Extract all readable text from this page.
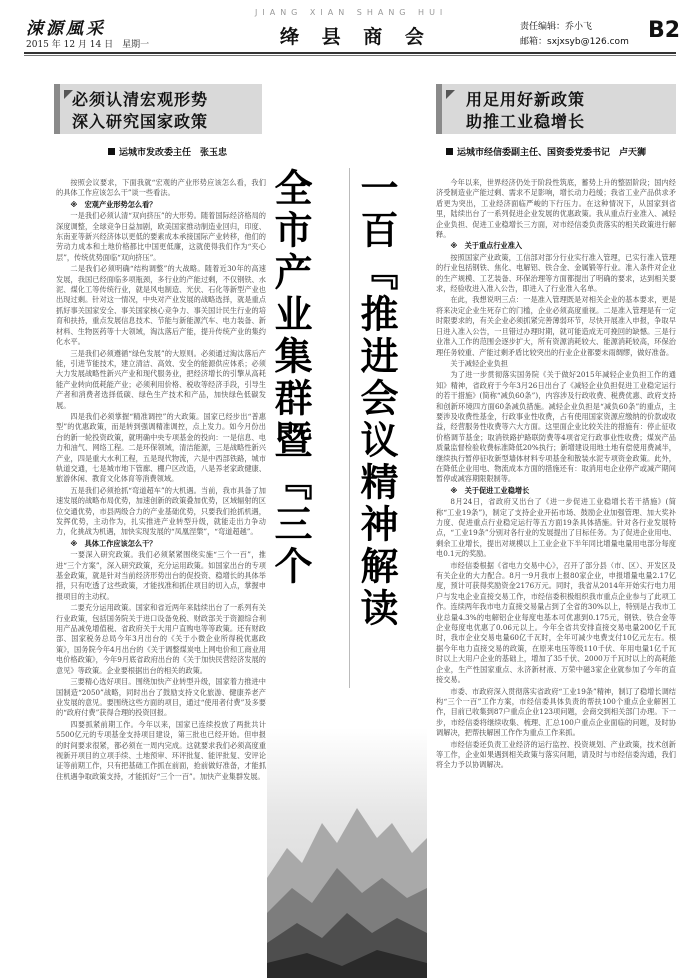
涑源風采
2015 年 12 月 14 日　星期一
JIANG XIAN SHANG HUI
绛 县 商 会	责任编辑：乔小飞
邮箱：sxjxsyb@126.com B2
必须认清宏观形势
深入研究国家政策
运城市发改委主任　张玉忠

按照会议要求，下面我就“宏观的产业形势应该怎么看，我们的具体工作应该怎么干”谈一些看法。

※　宏观产业形势怎么看？

一是我们必须认清“双向挤压”的大形势。随着国际经济格局的深度调整，全球竞争日益加剧，欧美国家推动制造业回归，印度、东南亚等新兴经济体以更低的要素成本承接国际产业转移，他们的劳动力成本和土地价格都比中国更低廉，这就使得我们作为“夹心层”，传统优势面临“双向挤压”。

二是我们必须明确“结构调整”的大战略。随着近30年的高速发展，我国已经面临多项瓶颈，多行业的产能过剩，不仅钢铁、水泥、煤化工等传统行业，就是风电制造、光伏、石化等新型产业也出现过剩。针对这一情况，中央对产业发展的战略选择，就是重点抓好事关国家安全、事关国家核心竞争力、事关国计民生行业的培育和扶持，重点发展信息技术、节能与新能源汽车、电力装备、新材料、生物医药等十大领域，淘汰落后产能，提升传统产业的集约化水平。

三是我们必须遵循“绿色发展”的大原则。必须通过淘汰落后产能，引进节能技术，建立清洁、高效、安全的能源供应体系；必须大力发展战略性新兴产业和现代服务业，把经济增长的引擎从高耗能产业转向低耗能产业；必须利用价格、税收等经济手段，引导生产者和消费者选择低碳、绿色生产技术和产品，加快绿色低碳发展。

四是我们必须掌握“精准调控”的大政策。国家已经步出“普惠型”的优惠政策，而是转到强调精准调控，点上发力。如今月份出台的新一轮投资政策，就明确中央专项基金的投向：一是信息、电力和油气、网络工程。二是环保领域，清洁能源，三是战略性新兴产业，四是重大水利工程，五是现代物流，六是中西部铁路，城市轨道交通，七是城市地下管廊、棚户区改造，八是养老家政健康、旅游休闲、教育文化体育等消费领域。

五是我们必须抢抓“弯道超车”的大机遇。当前，我市具备了加速发展的战略布局优势，加速创新的政策叠加优势，区域辐射的区位交通优势，市县两级合力的产业基础优势，只要我们抢抓机遇，发挥优势，主动作为，扎实推进产业转型升级，就能走出力争动力，化挑战为机遇，加快实现发展的“凤凰涅槃”，“弯道超越”。

※　具体工作应该怎么干？

一要深入研究政策。我们必须紧紧围绕实施“三个一百”，推进“三个方案”，深入研究政策，充分运用政策。如国家出台的专项基金政策，就是针对当前经济形势出台的促投资、稳增长的具体举措，只有吃透了这些政策，才能找准和抓住项目的切入点，掌握申报项目的主动权。

二要充分运用政策。国家和省近两年来陆续出台了一系列有关行业政策，包括国务院关于进口设备免税、财政部关于资源综合利用产品减免增值税、省政府关于大用户直购电等等政策。还有财政部、国家税务总局今年3月出台的《关于小微企业所得税优惠政策》，国务院今年4月出台的《关于调整煤炭电上网电价和工商业用电价格政策》，今年9月底省政府出台的《关于加快民营经济发展的意见》等政策。企业要根据出台的相关的政策。

三要精心选好项目。围绕加快产业转型升级，国家着力推进中国制造“2050”战略，同时出台了鼓励支持文化旅游、健康养老产业发展的意见。要围绕这些方面的项目，通过“使用者付费”及多要的“政府付费”获得合理的投资回报。

四要抓紧前期工作。今年以来，国家已连续投放了两批共计5500亿元的专项基金支持项目建设，第三批也已经开始。但申报的时间要求很紧，都必须在一周内完成。这就要求我们必须高度重视新开项目的立项手续、土地预审、环评批复、能评批复、安评论证等前期工作，只有把基础工作抓在前面，抢前做好准备，才能抓住机遇争取政策支持，才能抓好“三个一百”。加快产业集群发展。

一百『推进会议精神解读
全市产业集群暨『三个
用足用好新政策
助推工业稳增长
运城市经信委副主任、国资委党委书记　卢天狮

今年以来，世界经济仍处于阶段性筑底，蓄势上升的整固阶段；国内经济受制造业产能过剩、需求不足影响，增长动力趋缓；我省工业产品供求矛盾更为突出，工业经济面临严峻的下行压力。在这种情况下，从国家到省里，陆续出台了一系列促进企业发展的优惠政策。我从重点行业准入、减轻企业负担、促进工业稳增长三方面，对市经信委负责落实的相关政策进行解释。

※　关于重点行业准入

按照国家产业政策，工信部对部分行业实行准入管理，已实行准入管理的行业包括钢铁、焦化、电解铝、铁合金、金属锻等行业。准入条件对企业的生产规模、工艺装备、环保治理等方面都提出了明确的要求，达到相关要求，经验收进入准入公告，即进入了行业准入名单。

在此，我想说明三点：一是准入管理既是对相关企业的基本要求，更是将来决定企业生死存亡的门槛，企业必须高度重视。二是准入管理是有一定时限要求的，有关企业必须抓紧完善薄弱环节，尽快开展准入申报，争取早日进入准入公告，一旦错过办理时期，就可能造成无可挽回的缺憾。三是行业准入工作的范围会逐步扩大，所有资源消耗较大、能源消耗较高，环保治理任务较重、产能过剩矛盾比较突出的行业企业都要未雨绸缪，做好准备。

关于减轻企业负担

为了进一步贯彻落实国务院《关于做好2015年减轻企业负担工作的通知》精神，省政府于今年3月26日出台了《减轻企业负担促进工业稳定运行的若干措施》(简称“减负60条”)，内容涉及行政收费、税费优惠、政府支持和创新环境四方面60条减负措施。减轻企业负担是“减负60条”的重点，主要涉及收费性基金，行政事业性收费，占有使用国家资源应缴纳的价款或收益，经营服务性收费等六大方面。这里面企业比较关注的措施有：停止征收价格调节基金；取消铁路护路联防费等4项省定行政事业性收费；煤炭产品质量监督检验收费标准降低20%执行；新增建设用地土地有偿使用费减半，继续执行暂停征收新型墙体材料专项基金和散装水泥专项资金政策。此外，在降低企业用电、物流成本方面的措施还有：取消用电企业停产或减产期间暂停或减容期限限制等。

※　关于促进工业稳增长

8月24日，省政府又出台了《进一步促进工业稳增长若干措施》(简称“工业19条”)，制定了支持企业开拓市场、鼓励企业加强管理、加大奖补力度、促进重点行业稳定运行等五方面19条具体措施。针对各行业发展特点，“工业19条”分别对各行业的发展提出了目标任务。为了促进企业用电、剩余工业增长，提出对规模以上工业企业下半年同比增量电量用电部分每度电0.1元的奖励。

市经信委根据《省电力交易中心》，召开了部分县（市、区）、开发区及有关企业的大力配合。8月一9月我市上报80家企业，申报增量电量2.17亿度，预计可获得奖励资金2176万元。同时，我省从2014年开始实行电力用户与发电企业直接交易工作，市经信委积极组织我市重点企业参与了此项工作。连续两年我市电力直接交易量占到了全省的30%以上，特别是占我市工业总量4.3%的电解铝企业每度电基本可优惠到0.175元，钢铁、铁合金等企业每度电优惠了0.06元以上。今年全省共安排直接交易电量200亿千瓦时，我市企业交易电量60亿千瓦时，全年可减少电费支付10亿元左右。根据今年电力直接交易的政策，在原来电压等级110千伏、年用电量1亿千瓦时以上大用户企业的基础上，增加了35千伏、2000万千瓦时以上的高耗能企业，生产性国家重点、永济新材液、万荣中磁3家企业就参加了今年的直接交易。

市委、市政府深入贯彻落实省政府“工业19条”精神，制订了稳增长调结构“三个一百”工作方案，市经信委具体负责的帮扶100个重点企业解困工作，目前已收集到87户重点企业123项问题，会商交到相关部门办理。下一步，市经信委将继续收集、梳理、汇总100户重点企业面临的问题，及时协调解决，把帮扶解困工作作为重点工作来抓。

市经信委还负责工业经济的运行监控、投资规划、产业政策，技术创新等工作，企业如果遇到相关政策与落实问题，请及时与市经信委沟通，我们将全力予以协调解决。
